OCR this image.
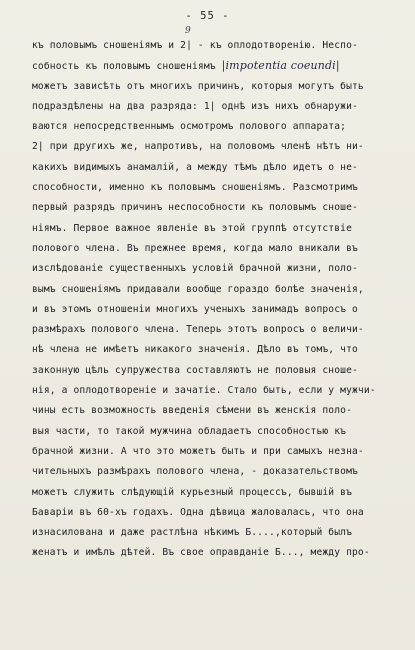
- 55 -
9
къ половымъ сношеніямъ и 2| - къ оплодотворенію. Неспо-
собность къ половымъ сношеніямъ |impotentia coeundi|
можетъ зависѣть отъ многихъ причинъ, которыя могутъ быть
подраздѣлены на два разряда: 1| однѣ изъ нихъ обнаружи-
ваются непосредственнымъ осмотромъ полового аппарата;
2| при другихъ же, напротивъ, на половомъ членѣ нѣтъ ни-
какихъ видимыхъ анамалій, а между тѣмъ дѣло идетъ о не-
способности, именно къ половымъ сношеніямъ. Разсмотримъ
первый разрядъ причинъ неспособности къ половымъ сноше-
ніямъ. Первое важное явленіе въ этой группѣ отсутствіе
полового члена. Въ прежнее время, когда мало вникали въ
изслѣдованіе существенныхъ условій брачной жизни, поло-
вымъ сношеніямъ придавали вообще гораздо болѣе значенія,
и въ этомъ отношеніи многихъ ученыхъ занимадъ вопросъ о
размѣрахъ полового члена. Теперь этотъ вопросъ о величи-
нѣ члена не имѣетъ никакого значенія. Дѣло въ томъ, что
законную цѣль супружества составляютъ не половыя сноше-
нія, а оплодотвореніе и зачатіе. Стало быть, если у мужчи-
чины есть возможность введенія сѣмени въ женскія поло-
выя части, то такой мужчина обладаетъ способностью къ
брачной жизни. А что это можетъ быть и при самыхъ незна-
чительныхъ размѣрахъ полового члена, - доказательствомъ
можетъ служить слѣдующій курьезный процессъ, бывшій въ
Баваріи въ 60-хъ годахъ. Одна дѣвица жаловалась, что она
изнасилована и даже растлѣна нѣкимъ Б....,который былъ
женатъ и имѣлъ дѣтей. Въ свое оправданіе Б..., между про-
